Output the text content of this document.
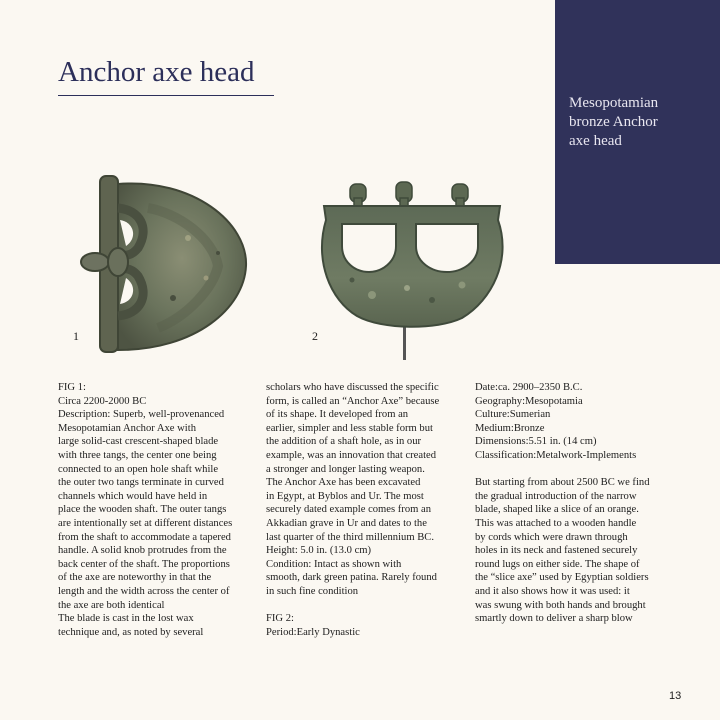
Anchor axe head
Mesopotamian
bronze Anchor
axe head
1	2
FIG 1:
Circa 2200-2000 BC
Description: Superb, well-provenanced
Mesopotamian Anchor Axe with
large solid-cast crescent-shaped blade
with three tangs, the center one being
connected to an open hole shaft while
the outer two tangs terminate in curved
channels which would have held in
place the wooden shaft. The outer tangs
are intentionally set at different distances
from the shaft to accommodate a tapered
handle. A solid knob protrudes from the
back center of the shaft. The proportions
of the axe are noteworthy in that the
length and the width across the center of
the axe are both identical
The blade is cast in the lost wax
technique and, as noted by several
scholars who have discussed the specific
form, is called an “Anchor Axe” because
of its shape. It developed from an
earlier, simpler and less stable form but
the addition of a shaft hole, as in our
example, was an innovation that created
a stronger and longer lasting weapon.
The Anchor Axe has been excavated
in Egypt, at Byblos and Ur. The most
securely dated example comes from an
Akkadian grave in Ur and dates to the
last quarter of the third millennium BC.
Height: 5.0 in. (13.0 cm)
Condition: Intact as shown with
smooth, dark green patina. Rarely found
in such fine condition
FIG 2:
Period:Early Dynastic
Date:ca. 2900–2350 B.C.
Geography:Mesopotamia
Culture:Sumerian
Medium:Bronze
Dimensions:5.51 in. (14 cm)
Classification:Metalwork-Implements
But starting from about 2500 BC we find
the gradual introduction of the narrow
blade, shaped like a slice of an orange.
This was attached to a wooden handle
by cords which were drawn through
holes in its neck and fastened securely
round lugs on either side. The shape of
the “slice axe” used by Egyptian soldiers
and it also shows how it was used: it
was swung with both hands and brought
smartly down to deliver a sharp blow
13
